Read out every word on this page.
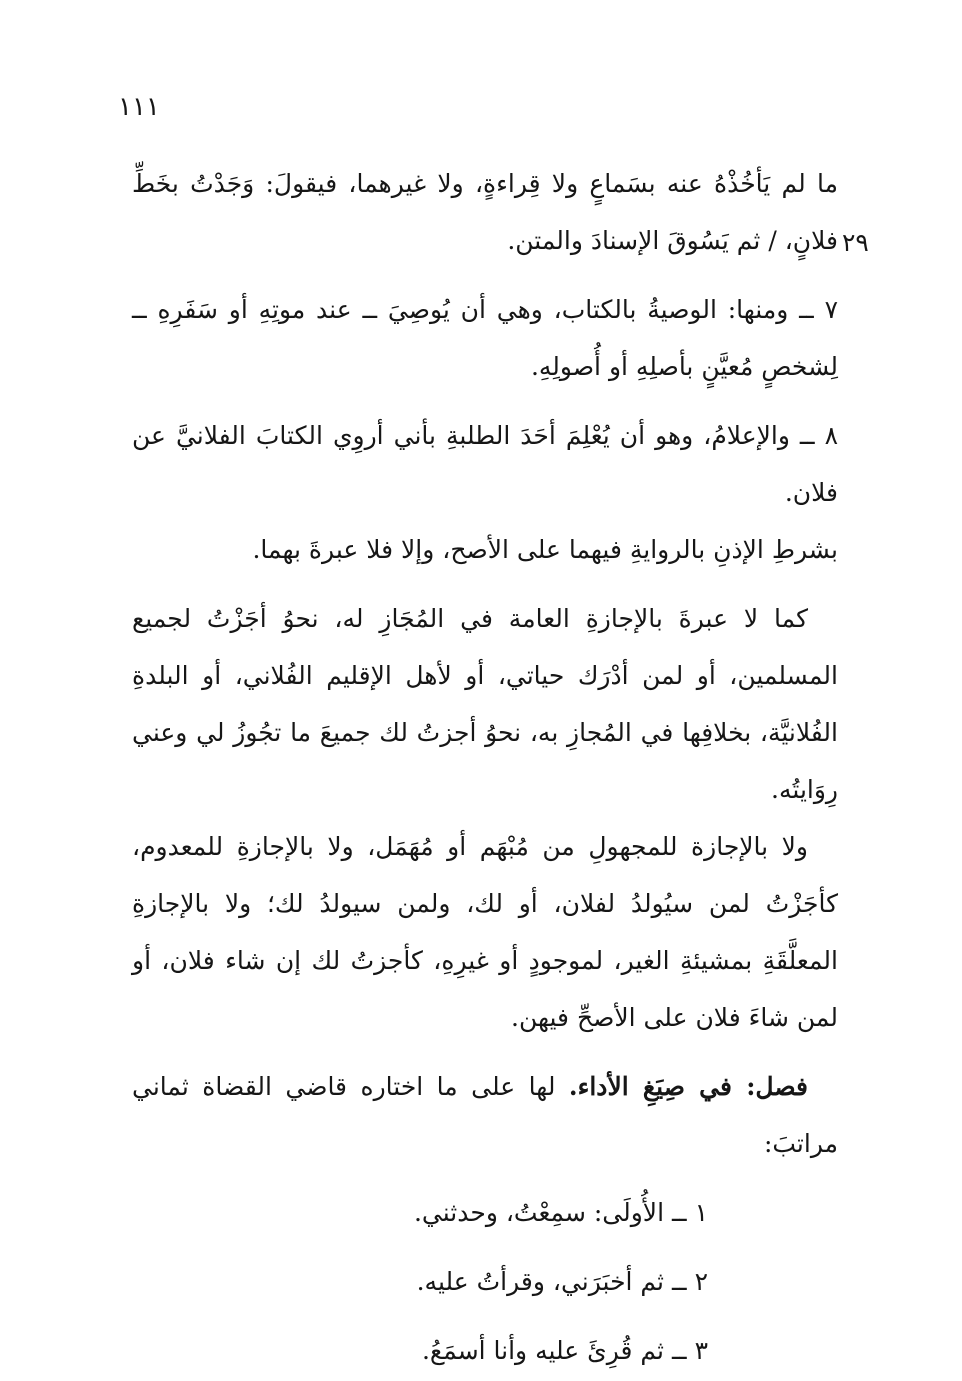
١١١
٢٩

ما لم يَأخُذْهُ عنه بسَماعٍ ولا قِراءةٍ، ولا غيرهما، فيقولَ: وَجَدْتُ بخَطِّ فلانٍ، / ثم يَسُوقَ الإسنادَ والمتن.

٧ ــ ومنها: الوصيةُ بالكتاب، وهي أن يُوصِيَ ــ عند موتِهِ أو سَفَرِهِ ــ لِشخصٍ مُعيَّنٍ بأصلِهِ أو أُصولِهِ.

٨ ــ والإعلامُ، وهو أن يُعْلِمَ أحَدَ الطلبةِ بأني أروِي الكتابَ الفلانيَّ عن فلان.

بشرطِ الإذنِ بالروايةِ فيهما على الأصح، وإلا فلا عبرةَ بهما.

كما لا عبرةَ بالإجازةِ العامة في المُجَازِ له، نحوُ أجَزْتُ لجميع المسلمين، أو لمن أدْرَك حياتي، أو لأهل الإقليم الفُلاني، أو البلدةِ الفُلانيَّة، بخلافِها في المُجازِ به، نحوُ أجزتُ لك جميعَ ما تجُوزُ لي وعني رِوَايتُه.

ولا بالإجازة للمجهولِ من مُبْهَم أو مُهَمَل، ولا بالإجازةِ للمعدوم، كأجَزْتُ لمن سيُولدُ لفلان، أو لك، ولمن سيولدُ لك؛ ولا بالإجازةِ المعلَّقَةِ بمشيئةِ الغير، لموجودٍ أو غيرِهِ، كأجزتُ لك إن شاء فلان، أو لمن شاءَ فلان على الأصحِّ فيهن.

فصل: في صِيَغِ الأداء. لها على ما اختاره قاضي القضاة ثماني مراتبَ:

١ ــ الأُولَى: سمِعْتُ، وحدثني.

٢ ــ ثم أخبَرَني، وقرأتُ عليه.

٣ ــ ثم قُرِئَ عليه وأنا أسمَعُ.
